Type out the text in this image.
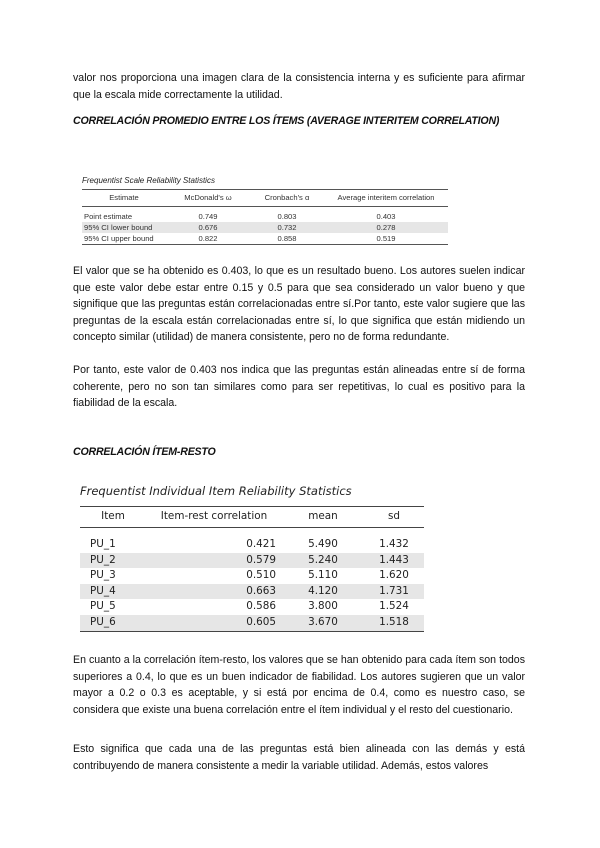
valor nos proporciona una imagen clara de la consistencia interna y es suficiente para afirmar que la escala mide correctamente la utilidad.

CORRELACIÓN PROMEDIO ENTRE LOS ÍTEMS (AVERAGE INTERITEM CORRELATION)

Frequentist Scale Reliability Statistics

Estimate	McDonald's ω	Cronbach's α	Average interitem correlation
Point estimate	0.749	0.803	0.403
95% CI lower bound	0.676	0.732	0.278
95% CI upper bound	0.822	0.858	0.519

El valor que se ha obtenido es 0.403, lo que es un resultado bueno. Los autores suelen indicar que este valor debe estar entre 0.15 y 0.5 para que sea considerado un valor bueno y que signifique que las preguntas están correlacionadas entre sí.Por tanto, este valor sugiere que las preguntas de la escala están correlacionadas entre sí, lo que significa que están midiendo un concepto similar (utilidad) de manera consistente, pero no de forma redundante.

Por tanto, este valor de 0.403 nos indica que las preguntas están alineadas entre sí de forma coherente, pero no son tan similares como para ser repetitivas, lo cual es positivo para la fiabilidad de la escala.

CORRELACIÓN ÍTEM-RESTO

Frequentist Individual Item Reliability Statistics

Item	Item-rest correlation	mean	sd
PU_1	0.421	5.490	1.432
PU_2	0.579	5.240	1.443
PU_3	0.510	5.110	1.620
PU_4	0.663	4.120	1.731
PU_5	0.586	3.800	1.524
PU_6	0.605	3.670	1.518

En cuanto a la correlación ítem-resto, los valores que se han obtenido para cada ítem son todos superiores a 0.4, lo que es un buen indicador de fiabilidad. Los autores sugieren que un valor mayor a 0.2 o 0.3 es aceptable, y si está por encima de 0.4, como es nuestro caso, se considera que existe una buena correlación entre el ítem individual y el resto del cuestionario.

Esto significa que cada una de las preguntas está bien alineada con las demás y está contribuyendo de manera consistente a medir la variable utilidad. Además, estos valores
